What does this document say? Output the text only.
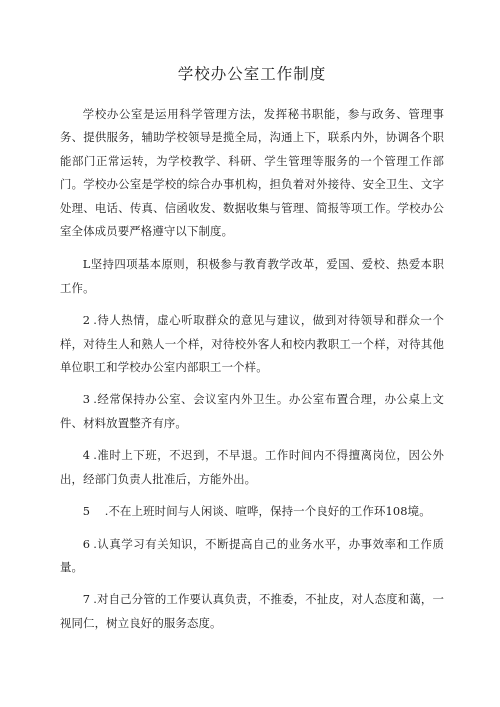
学校办公室工作制度

学校办公室是运用科学管理方法，发挥秘书职能，参与政务、管理事务、提供服务，辅助学校领导是揽全局，沟通上下，联系内外，协调各个职能部门正常运转，为学校教学、科研、学生管理等服务的一个管理工作部门。学校办公室是学校的综合办事机构，担负着对外接待、安全卫生、文字处理、电话、传真、信函收发、数据收集与管理、简报等项工作。学校办公室全体成员要严格遵守以下制度。

L坚持四项基本原则，积极参与教育教学改革，爱国、爱校、热爱本职工作。

2 .待人热情，虚心听取群众的意见与建议，做到对待领导和群众一个样，对待生人和熟人一个样，对待校外客人和校内教职工一个样，对待其他单位职工和学校办公室内部职工一个样。

3 .经常保持办公室、会议室内外卫生。办公室布置合理，办公桌上文件、材料放置整齐有序。

4 .准时上下班，不迟到，不早退。工作时间内不得擅离岗位，因公外出，经部门负责人批准后，方能外出。

5　.不在上班时间与人闲谈、喧哗，保持一个良好的工作环108境。

6 .认真学习有关知识，不断提高自己的业务水平，办事效率和工作质量。

7 .对自己分管的工作要认真负责，不推委，不扯皮，对人态度和蔼，一视同仁，树立良好的服务态度。
